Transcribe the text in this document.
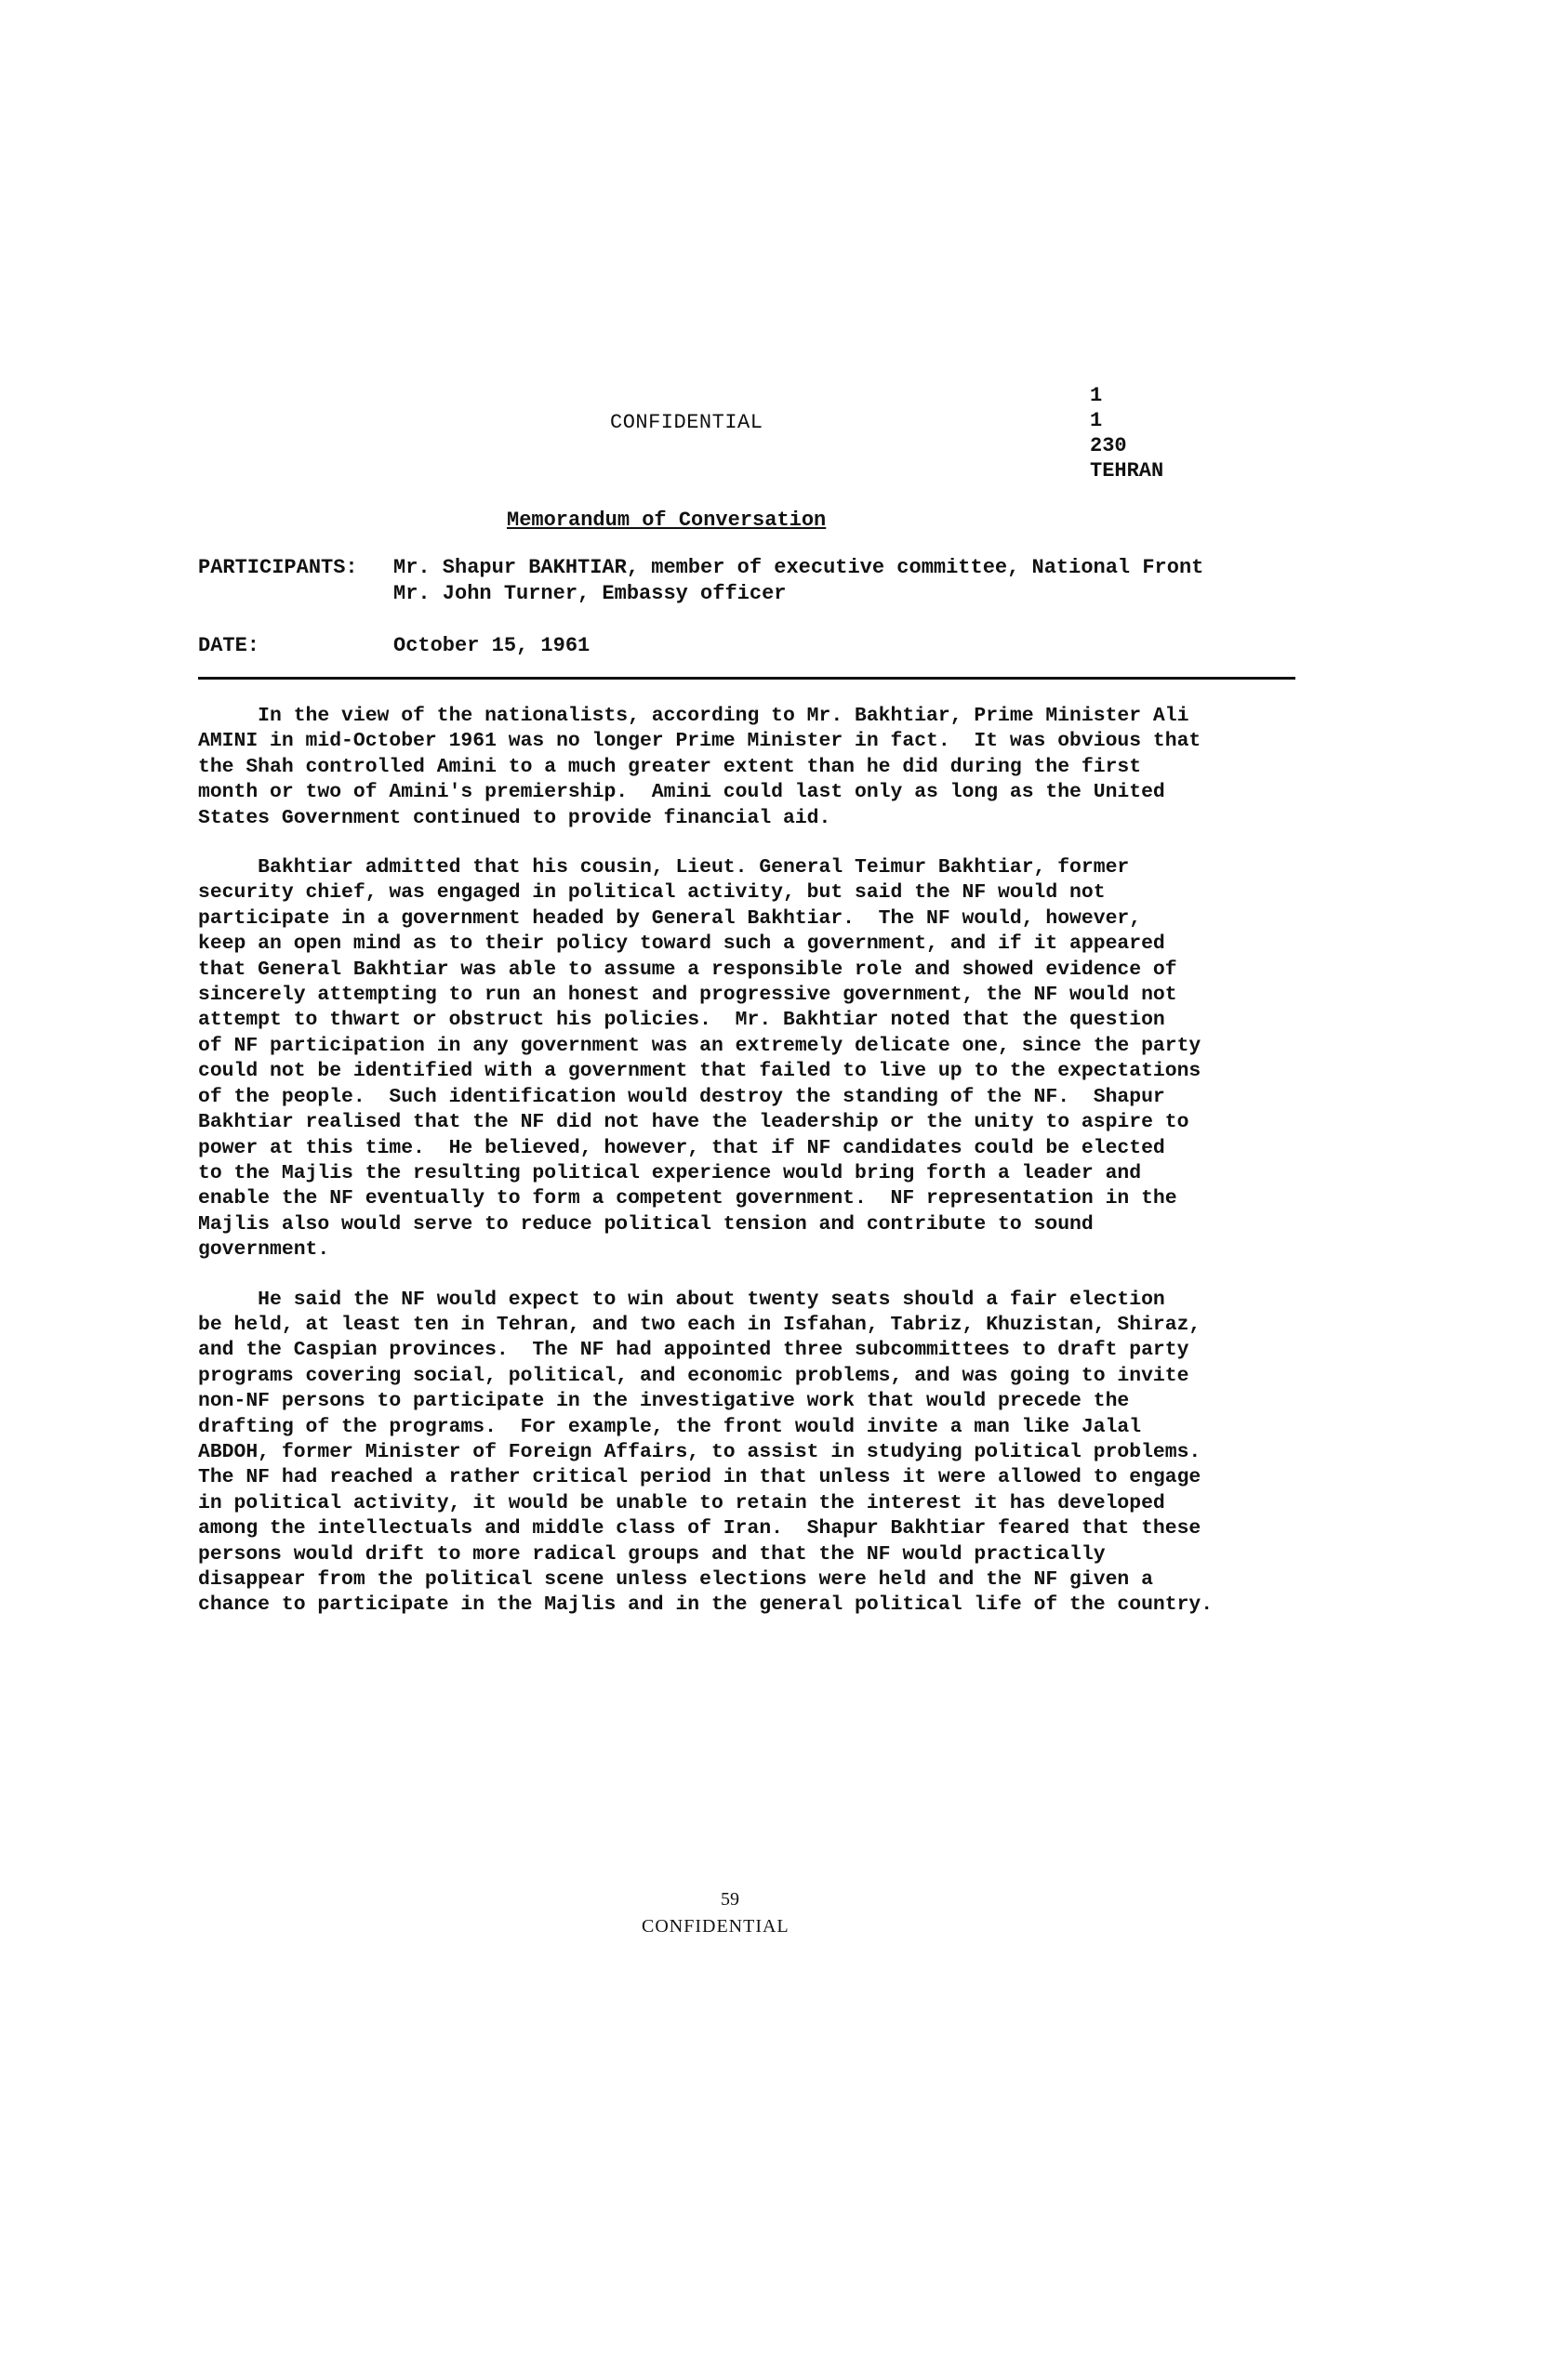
CONFIDENTIAL
1
1
230
TEHRAN
Memorandum of Conversation
PARTICIPANTS:	Mr. Shapur BAKHTIAR, member of executive committee, National Front
Mr. John Turner, Embassy officer
DATE:	October 15, 1961
In the view of the nationalists, according to Mr. Bakhtiar, Prime Minister Ali
AMINI in mid-October 1961 was no longer Prime Minister in fact.  It was obvious that
the Shah controlled Amini to a much greater extent than he did during the first
month or two of Amini's premiership.  Amini could last only as long as the United
States Government continued to provide financial aid.
Bakhtiar admitted that his cousin, Lieut. General Teimur Bakhtiar, former
security chief, was engaged in political activity, but said the NF would not
participate in a government headed by General Bakhtiar.  The NF would, however,
keep an open mind as to their policy toward such a government, and if it appeared
that General Bakhtiar was able to assume a responsible role and showed evidence of
sincerely attempting to run an honest and progressive government, the NF would not
attempt to thwart or obstruct his policies.  Mr. Bakhtiar noted that the question
of NF participation in any government was an extremely delicate one, since the party
could not be identified with a government that failed to live up to the expectations
of the people.  Such identification would destroy the standing of the NF.  Shapur
Bakhtiar realised that the NF did not have the leadership or the unity to aspire to
power at this time.  He believed, however, that if NF candidates could be elected
to the Majlis the resulting political experience would bring forth a leader and
enable the NF eventually to form a competent government.  NF representation in the
Majlis also would serve to reduce political tension and contribute to sound
government.
He said the NF would expect to win about twenty seats should a fair election
be held, at least ten in Tehran, and two each in Isfahan, Tabriz, Khuzistan, Shiraz,
and the Caspian provinces.  The NF had appointed three subcommittees to draft party
programs covering social, political, and economic problems, and was going to invite
non-NF persons to participate in the investigative work that would precede the
drafting of the programs.  For example, the front would invite a man like Jalal
ABDOH, former Minister of Foreign Affairs, to assist in studying political problems.
The NF had reached a rather critical period in that unless it were allowed to engage
in political activity, it would be unable to retain the interest it has developed
among the intellectuals and middle class of Iran.  Shapur Bakhtiar feared that these
persons would drift to more radical groups and that the NF would practically
disappear from the political scene unless elections were held and the NF given a
chance to participate in the Majlis and in the general political life of the country.
59
CONFIDENTIAL
